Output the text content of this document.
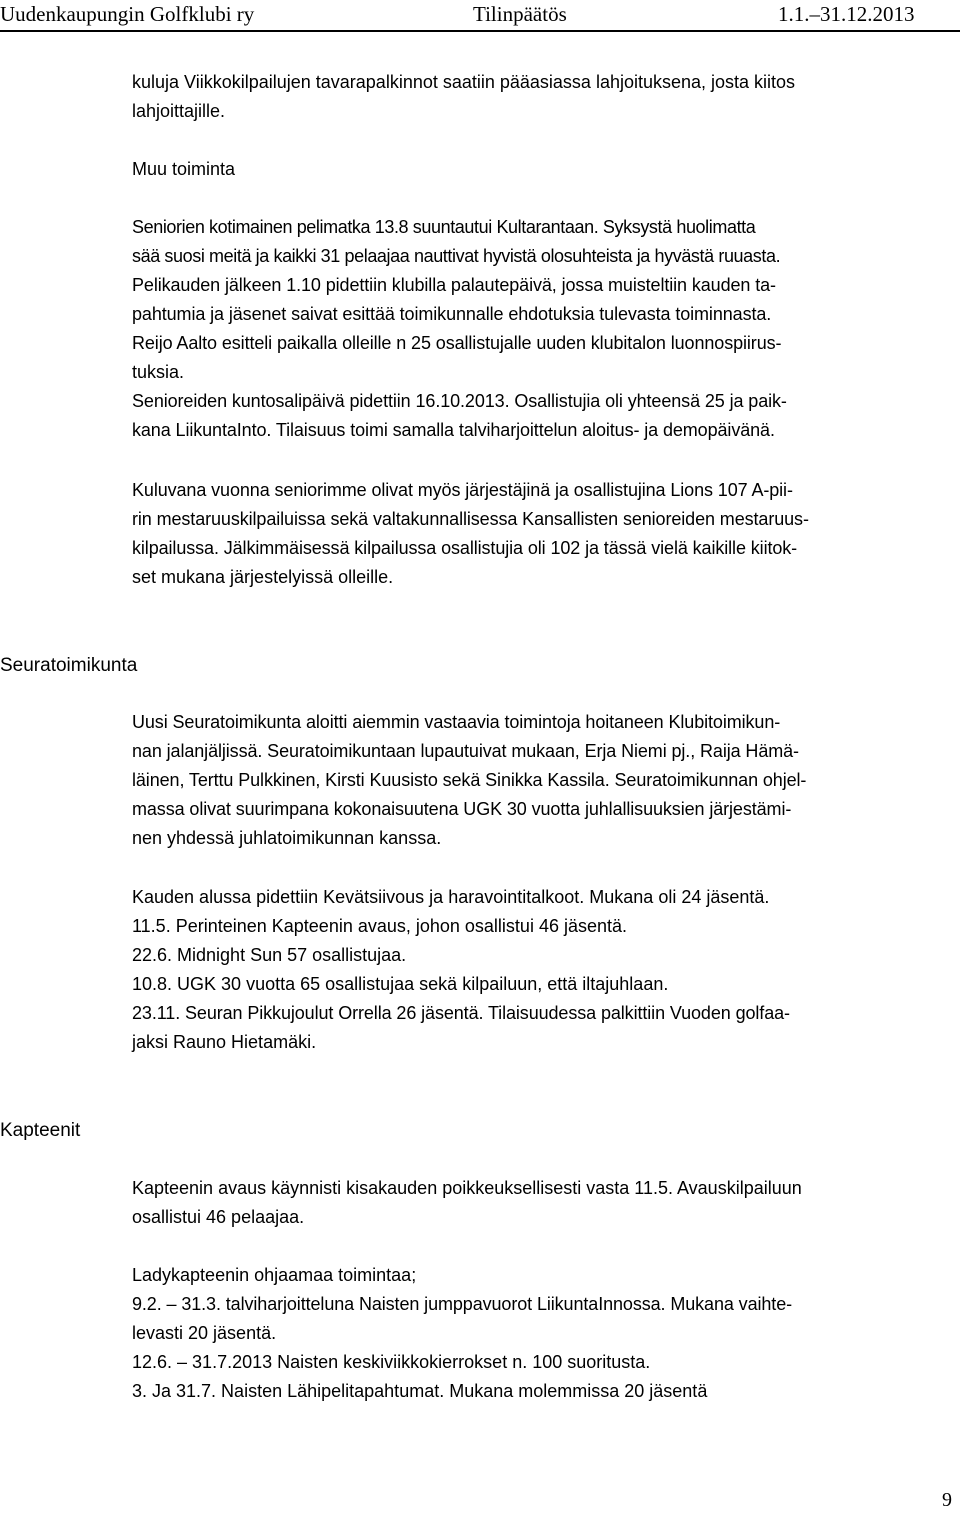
Uudenkaupungin Golfklubi ry	Tilinpäätös	1.1.–31.12.2013

kuluja Viikkokilpailujen tavarapalkinnot saatiin pääasiassa lahjoituksena, josta kiitos
lahjoittajille.

Muu toiminta

Seniorien kotimainen pelimatka 13.8 suuntautui Kultarantaan. Syksystä huolimatta
sää suosi meitä ja kaikki 31 pelaajaa nauttivat hyvistä olosuhteista ja hyvästä ruuasta.
Pelikauden jälkeen 1.10 pidettiin klubilla palautepäivä, jossa muisteltiin kauden ta-
pahtumia ja jäsenet saivat esittää toimikunnalle ehdotuksia tulevasta toiminnasta.
Reijo Aalto esitteli paikalla olleille n 25 osallistujalle uuden klubitalon luonnospiirus-
tuksia.
Senioreiden kuntosalipäivä pidettiin 16.10.2013. Osallistujia oli yhteensä 25 ja paik-
kana LiikuntaInto. Tilaisuus toimi samalla talviharjoittelun aloitus- ja demopäivänä.

Kuluvana vuonna seniorimme olivat myös järjestäjinä ja osallistujina Lions 107 A-pii-
rin mestaruuskilpailuissa sekä valtakunnallisessa Kansallisten senioreiden mestaruus-
kilpailussa. Jälkimmäisessä kilpailussa osallistujia oli 102 ja tässä vielä kaikille kiitok-
set mukana järjestelyissä olleille.

Seuratoimikunta

Uusi Seuratoimikunta aloitti aiemmin vastaavia toimintoja hoitaneen Klubitoimikun-
nan jalanjäljissä. Seuratoimikuntaan lupautuivat mukaan, Erja Niemi pj., Raija Hämä-
läinen, Terttu Pulkkinen, Kirsti Kuusisto sekä Sinikka Kassila. Seuratoimikunnan ohjel-
massa olivat suurimpana kokonaisuutena UGK 30 vuotta juhlallisuuksien järjestämi-
nen yhdessä juhlatoimikunnan kanssa.

Kauden alussa pidettiin Kevätsiivous ja haravointitalkoot. Mukana oli 24 jäsentä.
11.5. Perinteinen Kapteenin avaus, johon osallistui 46 jäsentä.
22.6. Midnight Sun 57 osallistujaa.
10.8. UGK 30 vuotta 65 osallistujaa sekä kilpailuun, että iltajuhlaan.
23.11. Seuran Pikkujoulut Orrella 26 jäsentä. Tilaisuudessa palkittiin Vuoden golfaa-
jaksi Rauno Hietamäki.

Kapteenit

Kapteenin avaus käynnisti kisakauden poikkeuksellisesti vasta 11.5. Avauskilpailuun
osallistui 46 pelaajaa.

Ladykapteenin ohjaamaa toimintaa;
9.2. – 31.3. talviharjoitteluna Naisten jumppavuorot LiikuntaInnossa. Mukana vaihte-
levasti 20 jäsentä.
12.6. – 31.7.2013 Naisten keskiviikkokierrokset n. 100 suoritusta.
3. Ja 31.7. Naisten Lähipelitapahtumat. Mukana molemmissa 20 jäsentä

9
